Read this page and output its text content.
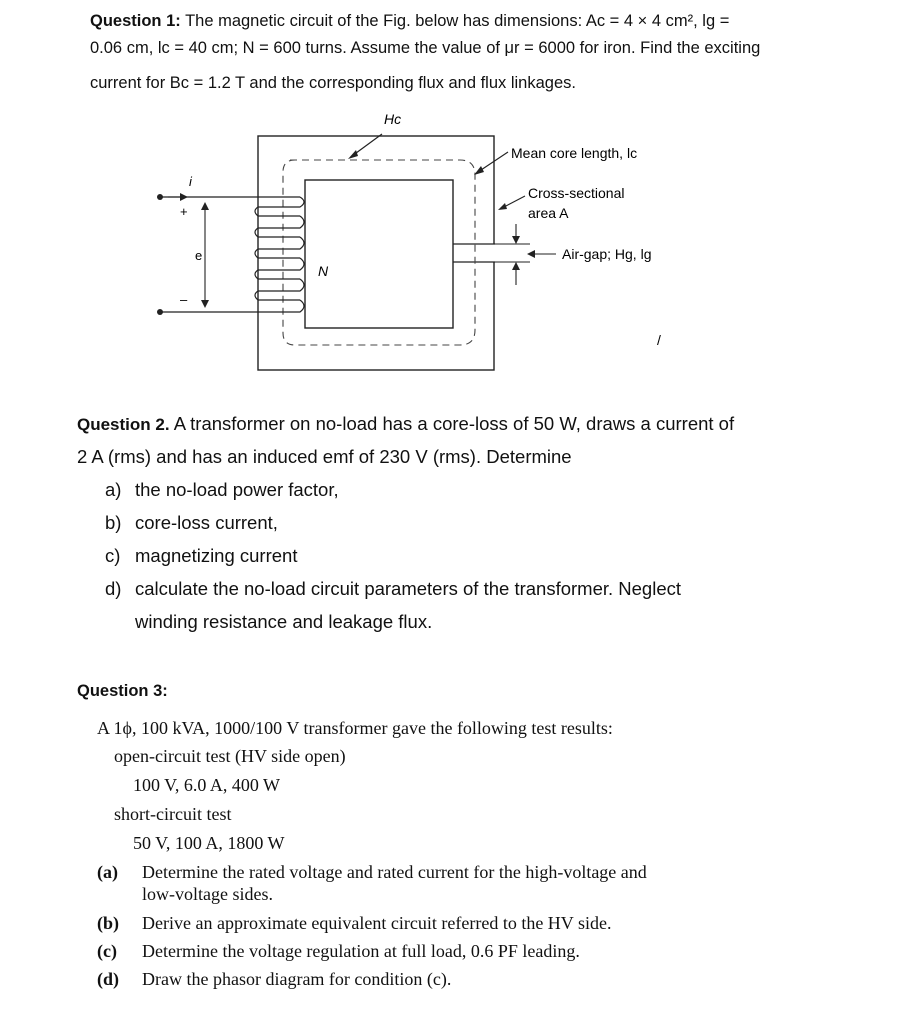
Question 1: The magnetic circuit of the Fig. below has dimensions: Ac = 4 × 4 cm², lg =
0.06 cm, lc = 40 cm; N = 600 turns. Assume the value of μr = 6000 for iron. Find the exciting
current for Bc = 1.2 T and the corresponding flux and flux linkages.
Hc
Mean core length, lc
Cross-sectional
area A
Air-gap; Hg, lg
i
+
e
–
N
/
Question 2. A transformer on no-load has a core-loss of 50 W, draws a current of
2 A (rms) and has an induced emf of 230 V (rms). Determine
a) the no-load power factor,
b) core-loss current,
c) magnetizing current
d) calculate the no-load circuit parameters of the transformer. Neglect
winding resistance and leakage flux.
Question 3:
A 1ϕ, 100 kVA, 1000/100 V transformer gave the following test results:
open-circuit test (HV side open)
100 V, 6.0 A, 400 W
short-circuit test
50 V, 100 A, 1800 W
(a) Determine the rated voltage and rated current for the high-voltage and
low-voltage sides.
(b) Derive an approximate equivalent circuit referred to the HV side.
(c) Determine the voltage regulation at full load, 0.6 PF leading.
(d) Draw the phasor diagram for condition (c).
